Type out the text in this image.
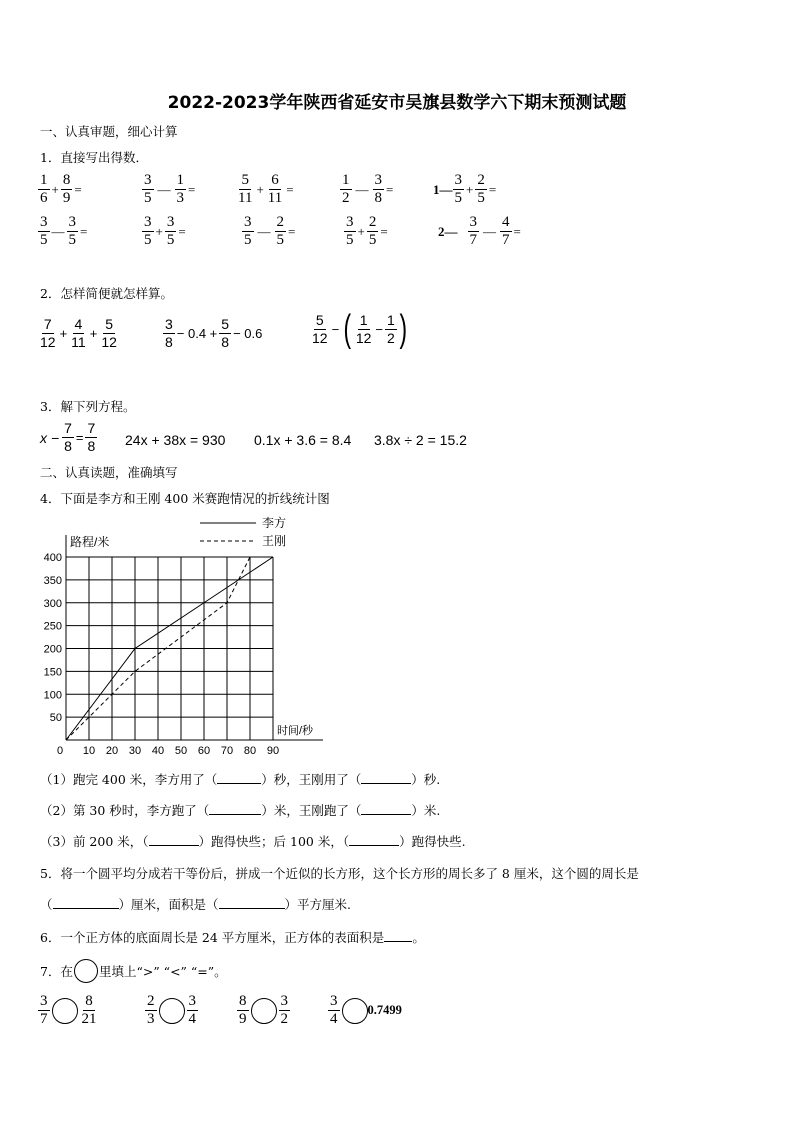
2022-2023学年陕西省延安市吴旗县数学六下期末预测试题
一、认真审题，细心计算
1．直接写出得数．
$\frac{1}{6} + \frac{8}{9}$ =	$\frac{3}{5}$ — $\frac{1}{3}$ =	$\frac{5}{11} + \frac{6}{11}$ =	$\frac{1}{2}$ — $\frac{3}{8}$ =	1— $\frac{3}{5} + \frac{2}{5}$ =
$\frac{3}{5}$ — $\frac{3}{5}$ =	$\frac{3}{5} + \frac{3}{5}$ =	$\frac{3}{5}$ — $\frac{2}{5}$ =	$\frac{3}{5} + \frac{2}{5}$ =	2— $\frac{3}{7}$ — $\frac{4}{7}$ =
2．怎样简便就怎样算。
$\frac{7}{12} + \frac{4}{11} + \frac{5}{12}$	$\frac{3}{8} - 0.4 + \frac{5}{8} - 0.6$	$\frac{5}{12}$ − ( $\frac{1}{12} - \frac{1}{2}$ )
3．解下列方程。
$x - \frac{7}{8} = \frac{7}{8} 24x + 38x = 930$ 0.1x + 3.6 = 8.4 3.8x ÷ 2 = 15.2
二、认真读题，准确填写
4．下面是李方和王刚 400 米赛跑情况的折线统计图
50
100
150
200
250
300
350
400
0 10 20 30 40 50 60 70 80 90
路程/米
时间/秒
李方
王刚
（1）跑完 400 米，李方用了（	）秒，王刚用了（	）秒.
（2）第 30 秒时，李方跑了（	）米，王刚跑了（	）米.
（3）前 200 米，（	）跑得快些；后 100 米，（	）跑得快些.
5．将一个圆平均分成若干等份后，拼成一个近似的长方形，这个长方形的周长多了 8 厘米，这个圆的周长是
（	）厘米，面积是（	）平方厘米.
6．一个正方体的底面周长是 24 平方厘米，正方体的表面积是 。
7．在 里填上“>” “<” “=”。
$\frac{3}{7} \frac{8}{21}$	$\frac{2}{3} \frac{3}{4}$	$\frac{8}{9} \frac{3}{2}$	$\frac{3}{4} 0.7499$
